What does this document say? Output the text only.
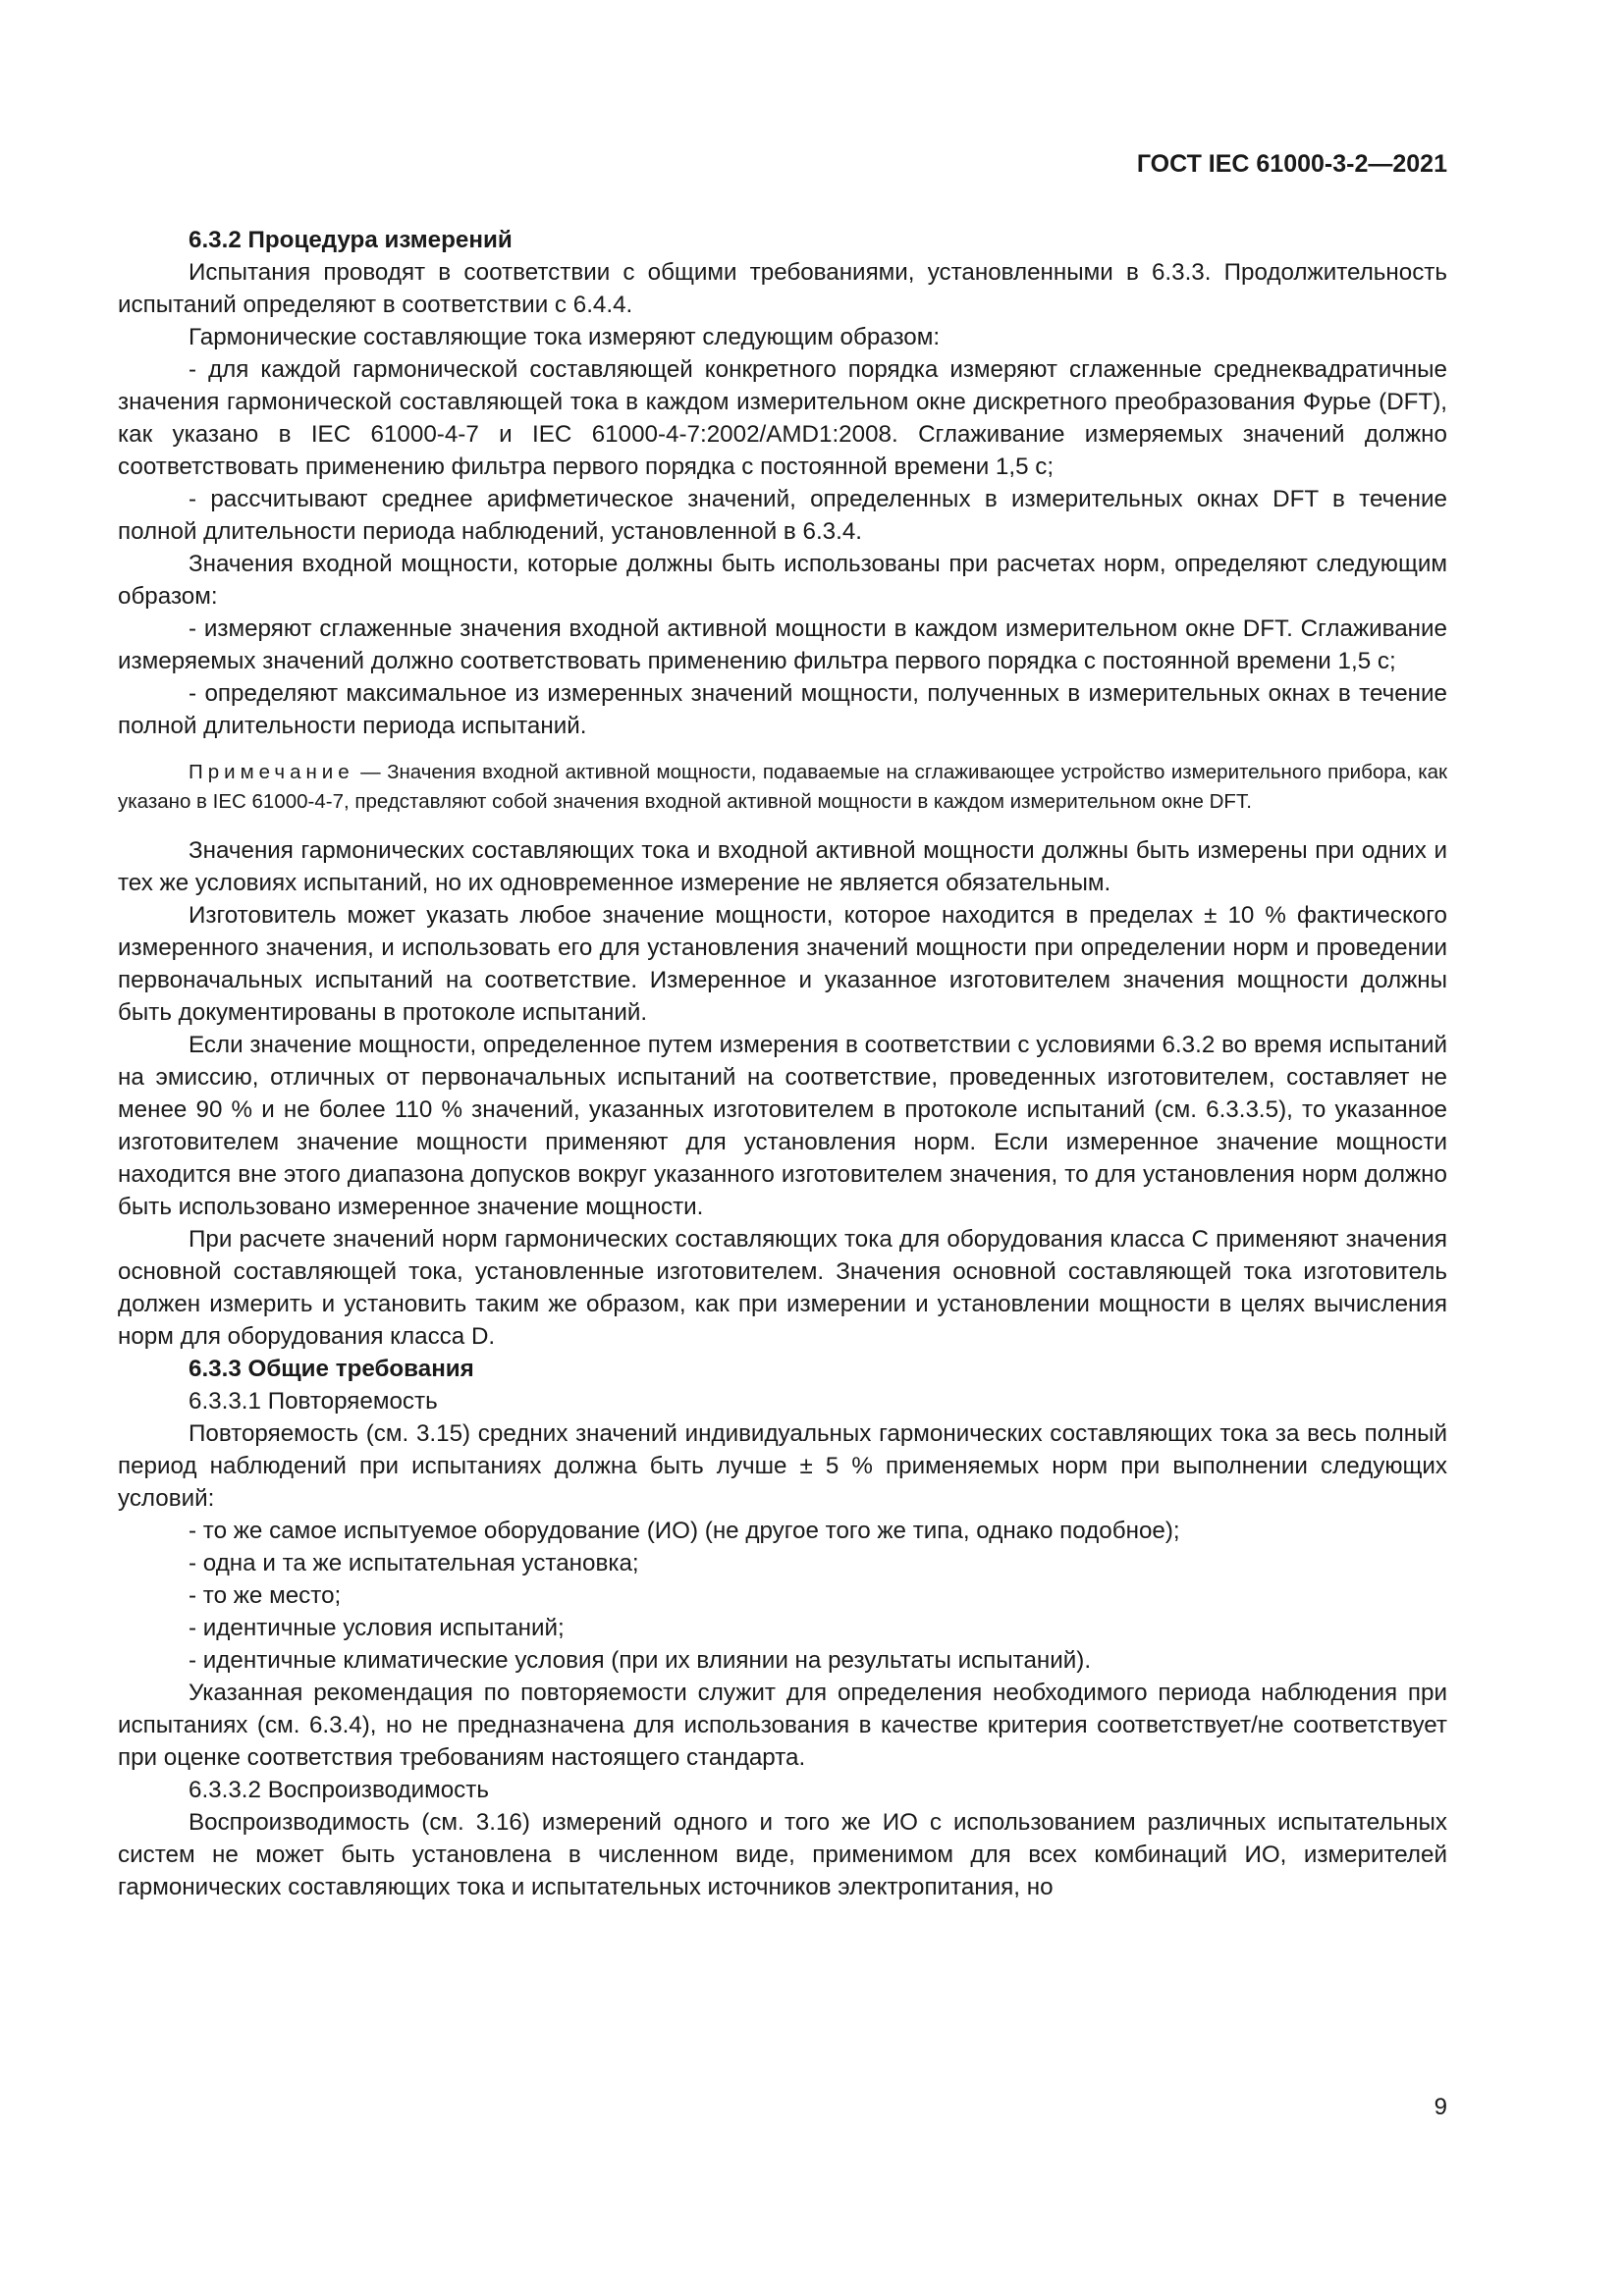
ГОСТ IEC 61000-3-2—2021

6.3.2 Процедура измерений

Испытания проводят в соответствии с общими требованиями, установленными в 6.3.3. Продолжительность испытаний определяют в соответствии с 6.4.4.

Гармонические составляющие тока измеряют следующим образом:

- для каждой гармонической составляющей конкретного порядка измеряют сглаженные среднеквадратичные значения гармонической составляющей тока в каждом измерительном окне дискретного преобразования Фурье (DFT), как указано в IEC 61000-4-7 и IEC 61000-4-7:2002/AMD1:2008. Сглаживание измеряемых значений должно соответствовать применению фильтра первого порядка с постоянной времени 1,5 с;

- рассчитывают среднее арифметическое значений, определенных в измерительных окнах DFT в течение полной длительности периода наблюдений, установленной в 6.3.4.

Значения входной мощности, которые должны быть использованы при расчетах норм, определяют следующим образом:

- измеряют сглаженные значения входной активной мощности в каждом измерительном окне DFT. Сглаживание измеряемых значений должно соответствовать применению фильтра первого порядка с постоянной времени 1,5 с;

- определяют максимальное из измеренных значений мощности, полученных в измерительных окнах в течение полной длительности периода испытаний.

Примечание — Значения входной активной мощности, подаваемые на сглаживающее устройство измерительного прибора, как указано в IEC 61000-4-7, представляют собой значения входной активной мощности в каждом измерительном окне DFT.

Значения гармонических составляющих тока и входной активной мощности должны быть измерены при одних и тех же условиях испытаний, но их одновременное измерение не является обязательным.

Изготовитель может указать любое значение мощности, которое находится в пределах ± 10 % фактического измеренного значения, и использовать его для установления значений мощности при определении норм и проведении первоначальных испытаний на соответствие. Измеренное и указанное изготовителем значения мощности должны быть документированы в протоколе испытаний.

Если значение мощности, определенное путем измерения в соответствии с условиями 6.3.2 во время испытаний на эмиссию, отличных от первоначальных испытаний на соответствие, проведенных изготовителем, составляет не менее 90 % и не более 110 % значений, указанных изготовителем в протоколе испытаний (см. 6.3.3.5), то указанное изготовителем значение мощности применяют для установления норм. Если измеренное значение мощности находится вне этого диапазона допусков вокруг указанного изготовителем значения, то для установления норм должно быть использовано измеренное значение мощности.

При расчете значений норм гармонических составляющих тока для оборудования класса С применяют значения основной составляющей тока, установленные изготовителем. Значения основной составляющей тока изготовитель должен измерить и установить таким же образом, как при измерении и установлении мощности в целях вычисления норм для оборудования класса D.

6.3.3 Общие требования

6.3.3.1 Повторяемость

Повторяемость (см. 3.15) средних значений индивидуальных гармонических составляющих тока за весь полный период наблюдений при испытаниях должна быть лучше ± 5 % применяемых норм при выполнении следующих условий:

- то же самое испытуемое оборудование (ИО) (не другое того же типа, однако подобное);

- одна и та же испытательная установка;

- то же место;

- идентичные условия испытаний;

- идентичные климатические условия (при их влиянии на результаты испытаний).

Указанная рекомендация по повторяемости служит для определения необходимого периода наблюдения при испытаниях (см. 6.3.4), но не предназначена для использования в качестве критерия соответствует/не соответствует при оценке соответствия требованиям настоящего стандарта.

6.3.3.2 Воспроизводимость

Воспроизводимость (см. 3.16) измерений одного и того же ИО с использованием различных испытательных систем не может быть установлена в численном виде, применимом для всех комбинаций ИО, измерителей гармонических составляющих тока и испытательных источников электропитания, но

9
